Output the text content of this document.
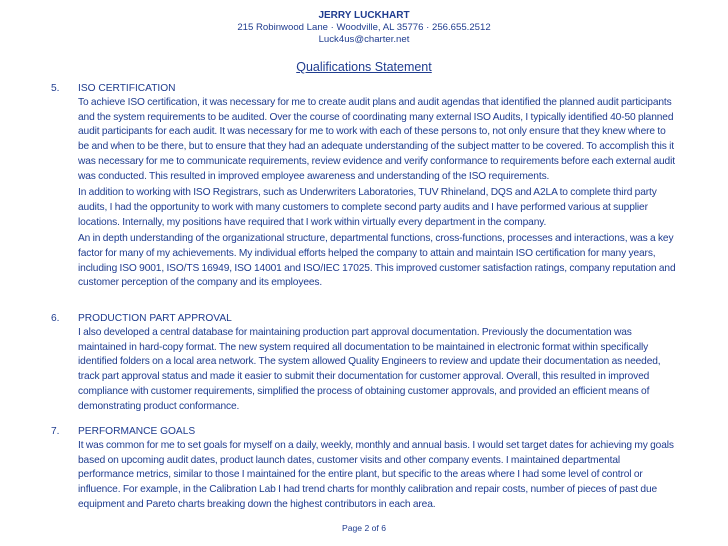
JERRY LUCKHART
215 Robinwood Lane · Woodville, AL 35776 · 256.655.2512
Luck4us@charter.net
Qualifications Statement
5. ISO CERTIFICATION

To achieve ISO certification, it was necessary for me to create audit plans and audit agendas that identified the planned audit participants and the system requirements to be audited. Over the course of coordinating many external ISO Audits, I typically identified 40-50 planned audit participants for each audit. It was necessary for me to work with each of these persons to, not only ensure that they knew where to be and when to be there, but to ensure that they had an adequate understanding of the subject matter to be covered. To accomplish this it was necessary for me to communicate requirements, review evidence and verify conformance to requirements before each external audit was conducted. This resulted in improved employee awareness and understanding of the ISO requirements.

In addition to working with ISO Registrars, such as Underwriters Laboratories, TUV Rhineland, DQS and A2LA to complete third party audits, I had the opportunity to work with many customers to complete second party audits and I have performed various at supplier locations. Internally, my positions have required that I work within virtually every department in the company.

An in depth understanding of the organizational structure, departmental functions, cross-functions, processes and interactions, was a key factor for many of my achievements. My individual efforts helped the company to attain and maintain ISO certification for many years, including ISO 9001, ISO/TS 16949, ISO 14001 and ISO/IEC 17025. This improved customer satisfaction ratings, company reputation and customer perception of the company and its employees.

6. PRODUCTION PART APPROVAL

I also developed a central database for maintaining production part approval documentation. Previously the documentation was maintained in hard-copy format. The new system required all documentation to be maintained in electronic format within specifically identified folders on a local area network. The system allowed Quality Engineers to review and update their documentation as needed, track part approval status and made it easier to submit their documentation for customer approval. Overall, this resulted in improved compliance with customer requirements, simplified the process of obtaining customer approvals, and provided an efficient means of demonstrating product conformance.

7. PERFORMANCE GOALS

It was common for me to set goals for myself on a daily, weekly, monthly and annual basis. I would set target dates for achieving my goals based on upcoming audit dates, product launch dates, customer visits and other company events. I maintained departmental performance metrics, similar to those I maintained for the entire plant, but specific to the areas where I had some level of control or influence. For example, in the Calibration Lab I had trend charts for monthly calibration and repair costs, number of pieces of past due equipment and Pareto charts breaking down the highest contributors in each area.

Page 2 of 6
